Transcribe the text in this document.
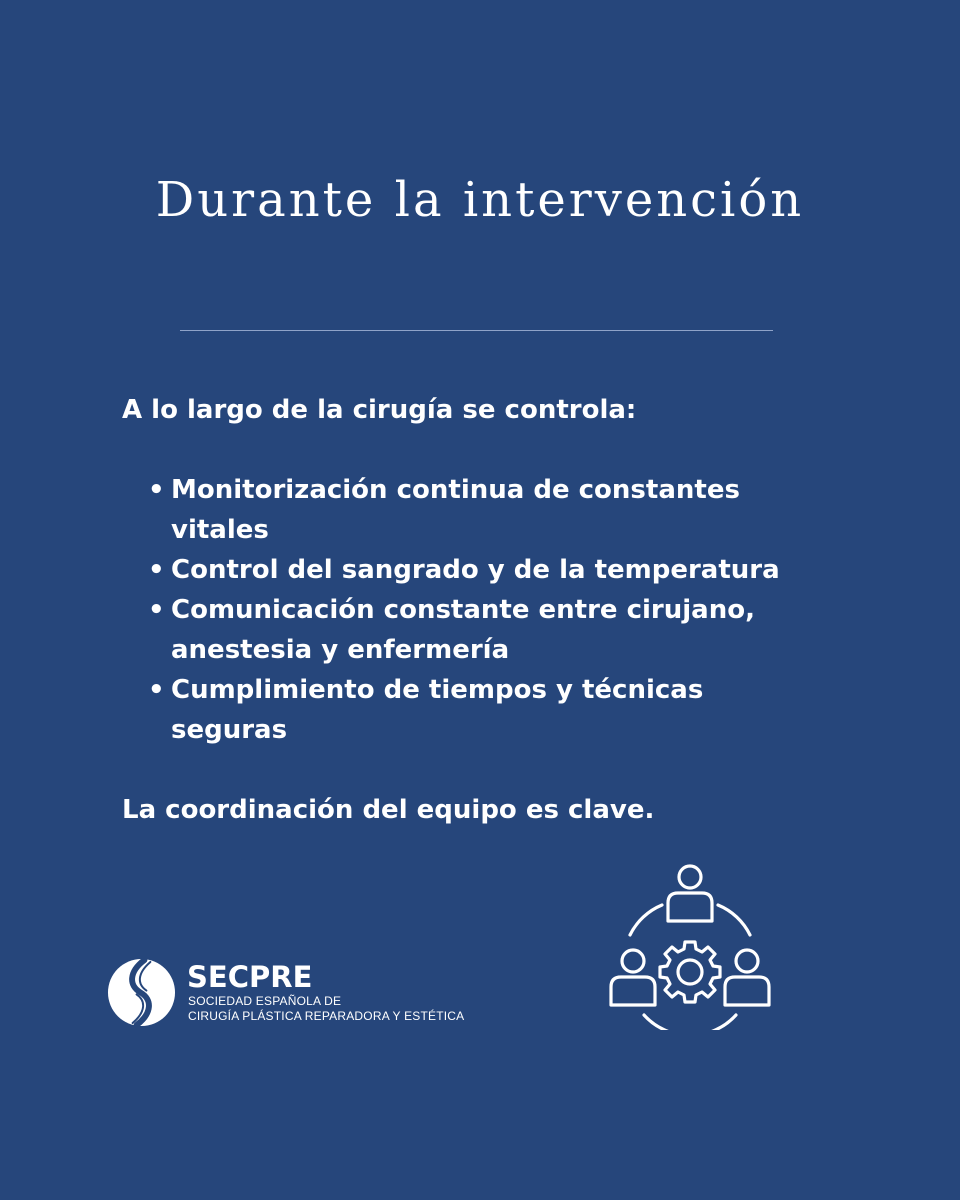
Durante la intervención

A lo largo de la cirugía se controla:

• Monitorización continua de constantes vitales
• Control del sangrado y de la temperatura
• Comunicación constante entre cirujano, anestesia y enfermería
• Cumplimiento de tiempos y técnicas seguras

La coordinación del equipo es clave.

SECPRE
SOCIEDAD ESPAÑOLA DE
CIRUGÍA PLÁSTICA REPARADORA Y ESTÉTICA
